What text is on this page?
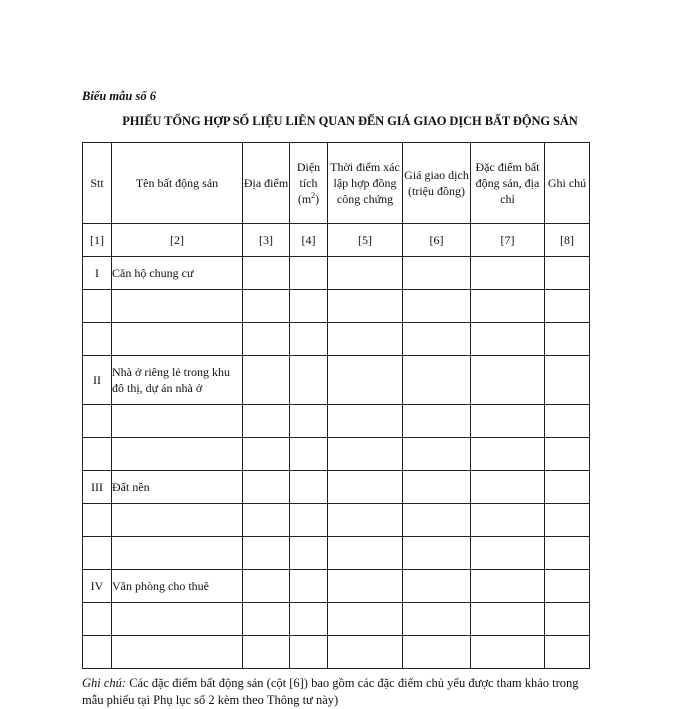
Biểu mẫu số 6
PHIẾU TỔNG HỢP SỐ LIỆU LIÊN QUAN ĐẾN GIÁ GIAO DỊCH BẤT ĐỘNG SẢN
Stt	Tên bất động sản	Địa điểm	Diện tích $(m^2)$	Thời điểm xác lập hợp đồng công chứng	Giá giao dịch (triệu đồng)	Đặc điểm bất động sản, địa chỉ	Ghi chú
[1]	[2]	[3]	[4]	[5]	[6]	[7]	[8]
I	Căn hộ chung cư						

II	Nhà ở riêng lẻ trong khu đô thị, dự án nhà ở						

III	Đất nền						

IV	Văn phòng cho thuê						

Ghi chú: Các đặc điểm bất động sản (cột [6]) bao gồm các đặc điểm chủ yếu được tham khảo trong mẫu phiếu tại Phụ lục số 2 kèm theo Thông tư này)
